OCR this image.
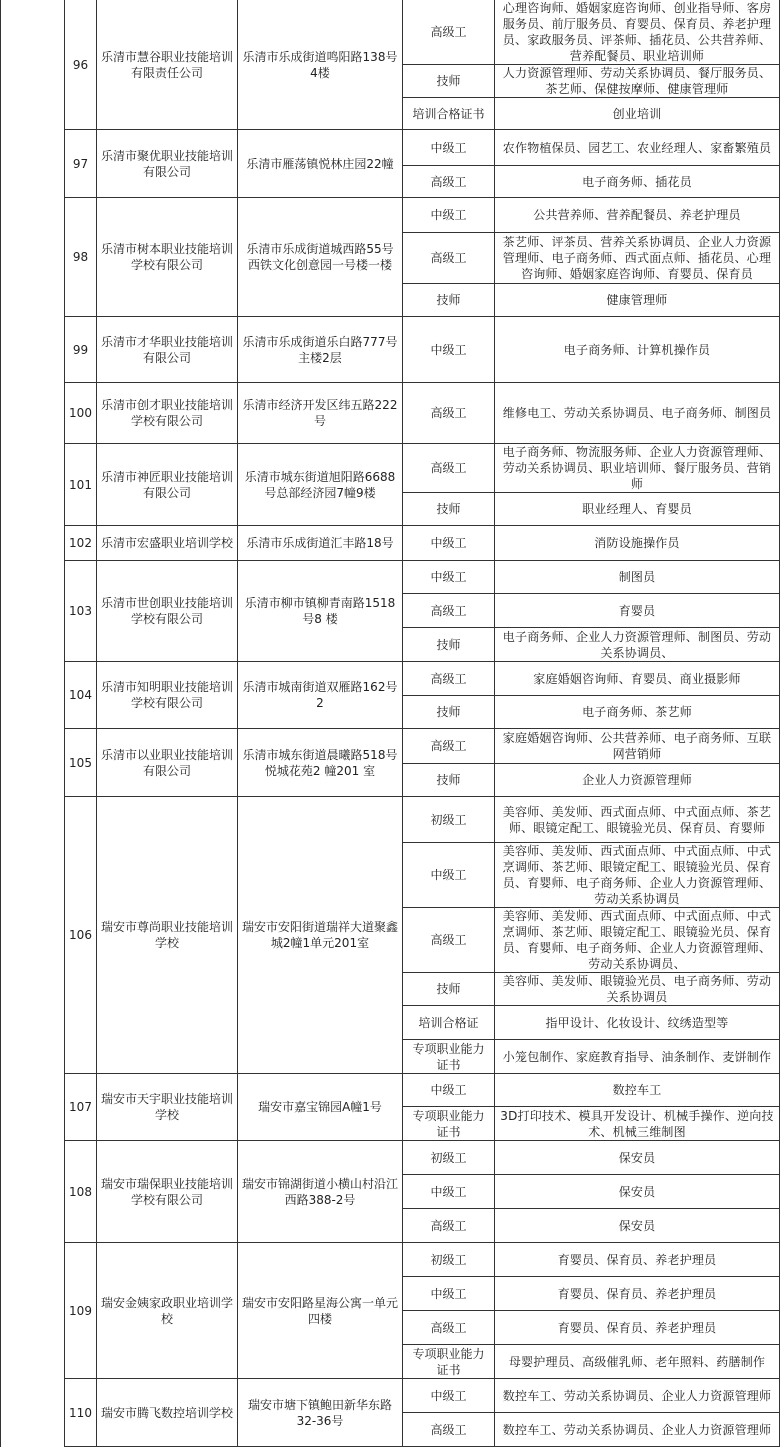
	96	乐清市慧谷职业技能培训有限责任公司	乐清市乐成街道鸣阳路138号4楼	高级工	心理咨询师、婚姻家庭咨询师、创业指导师、客房服务员、前厅服务员、育婴员、保育员、养老护理员、家政服务员、评茶师、插花员、公共营养师、营养配餐员、职业培训师
				技师	人力资源管理师、劳动关系协调员、餐厅服务员、茶艺师、保健按摩师、健康管理师
				培训合格证书	创业培训
	97	乐清市聚优职业技能培训有限公司	乐清市雁荡镇悦林庄园22幢	中级工	农作物植保员、园艺工、农业经理人、家畜繁殖员
				高级工	电子商务师、插花员
	98	乐清市树本职业技能培训学校有限公司	乐清市乐成街道城西路55号西铁文化创意园一号楼一楼	中级工	公共营养师、营养配餐员、养老护理员
				高级工	茶艺师、评茶员、营养关系协调员、企业人力资源管理师、电子商务师、西式面点师、插花员、心理咨询师、婚姻家庭咨询师、育婴员、保育员
				技师	健康管理师
	99	乐清市才华职业技能培训有限公司	乐清市乐成街道乐白路777号主楼2层	中级工	电子商务师、计算机操作员
	100	乐清市创才职业技能培训学校有限公司	乐清市经济开发区纬五路222号	高级工	维修电工、劳动关系协调员、电子商务师、制图员
	101	乐清市神匠职业技能培训有限公司	乐清市城东街道旭阳路6688号总部经济园7幢9楼	高级工	电子商务师、物流服务师、企业人力资源管理师、劳动关系协调员、职业培训师、餐厅服务员、营销师
				技师	职业经理人、育婴员
	102	乐清市宏盛职业培训学校	乐清市乐成街道汇丰路18号	中级工	消防设施操作员
	103	乐清市世创职业技能培训学校有限公司	乐清市柳市镇柳青南路1518号8 楼	中级工	制图员
				高级工	育婴员
				技师	电子商务师、企业人力资源管理师、制图员、劳动关系协调员、
	104	乐清市知明职业技能培训学校有限公司	乐清市城南街道双雁路162号2	高级工	家庭婚姻咨询师、育婴员、商业摄影师
				技师	电子商务师、茶艺师
	105	乐清市以业职业技能培训有限公司	乐清市城东街道晨曦路518号悦城花苑2 幢201 室	高级工	家庭婚姻咨询师、公共营养师、电子商务师、互联网营销师
				技师	企业人力资源管理师
	106	瑞安市尊尚职业技能培训学校	瑞安市安阳街道瑞祥大道聚鑫城2幢1单元201室	初级工	美容师、美发师、西式面点师、中式面点师、茶艺师、眼镜定配工、眼镜验光员、保育员、育婴师
				中级工	美容师、美发师、西式面点师、中式面点师、中式烹调师、茶艺师、眼镜定配工、眼镜验光员、保育员、育婴师、电子商务师、企业人力资源管理师、劳动关系协调员
				高级工	美容师、美发师、西式面点师、中式面点师、中式烹调师、茶艺师、眼镜定配工、眼镜验光员、保育员、育婴师、电子商务师、企业人力资源管理师、劳动关系协调员、
				技师	美容师、美发师、眼镜验光员、电子商务师、劳动关系协调员
				培训合格证	指甲设计、化妆设计、纹绣造型等
				专项职业能力证书	小笼包制作、家庭教育指导、油条制作、麦饼制作
	107	瑞安市天宇职业技能培训学校	瑞安市嘉宝锦园A幢1号	中级工	数控车工
				专项职业能力证书	3D打印技术、模具开发设计、机械手操作、逆向技术、机械三维制图
	108	瑞安市瑞保职业技能培训学校有限公司	瑞安市锦湖街道小横山村沿江西路388-2号	初级工	保安员
				中级工	保安员
				高级工	保安员
	109	瑞安金姨家政职业培训学校	瑞安市安阳路星海公寓一单元四楼	初级工	育婴员、保育员、养老护理员
				中级工	育婴员、保育员、养老护理员
				高级工	育婴员、保育员、养老护理员
				专项职业能力证书	母婴护理员、高级催乳师、老年照料、药膳制作
	110	瑞安市腾飞数控培训学校	瑞安市塘下镇鲍田新华东路32-36号	中级工	数控车工、劳动关系协调员、企业人力资源管理师
				高级工	数控车工、劳动关系协调员、企业人力资源管理师
